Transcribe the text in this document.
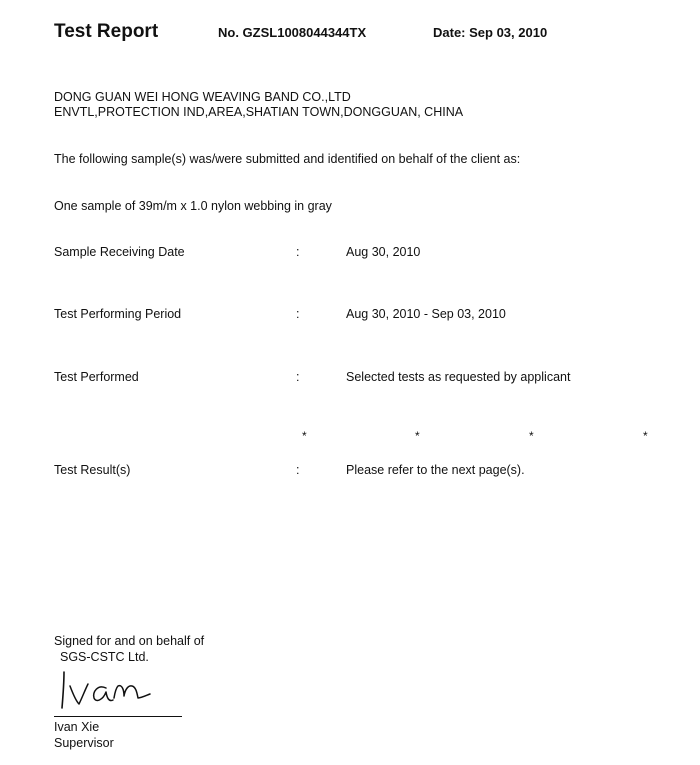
Test Report	No. GZSL1008044344TX	Date: Sep 03, 2010
DONG GUAN WEI HONG WEAVING BAND CO.,LTD
ENVTL,PROTECTION IND,AREA,SHATIAN TOWN,DONGGUAN, CHINA
The following sample(s) was/were submitted and identified on behalf of the client as:
One sample of 39m/m x 1.0 nylon webbing in gray
Sample Receiving Date	:	Aug 30, 2010
Test Performing Period	:	Aug 30, 2010 - Sep 03, 2010
Test Performed	:	Selected tests as requested by applicant
*	*	*	*
Test Result(s)	:	Please refer to the next page(s).
Signed for and on behalf of
SGS-CSTC Ltd.
Ivan Xie
Supervisor
